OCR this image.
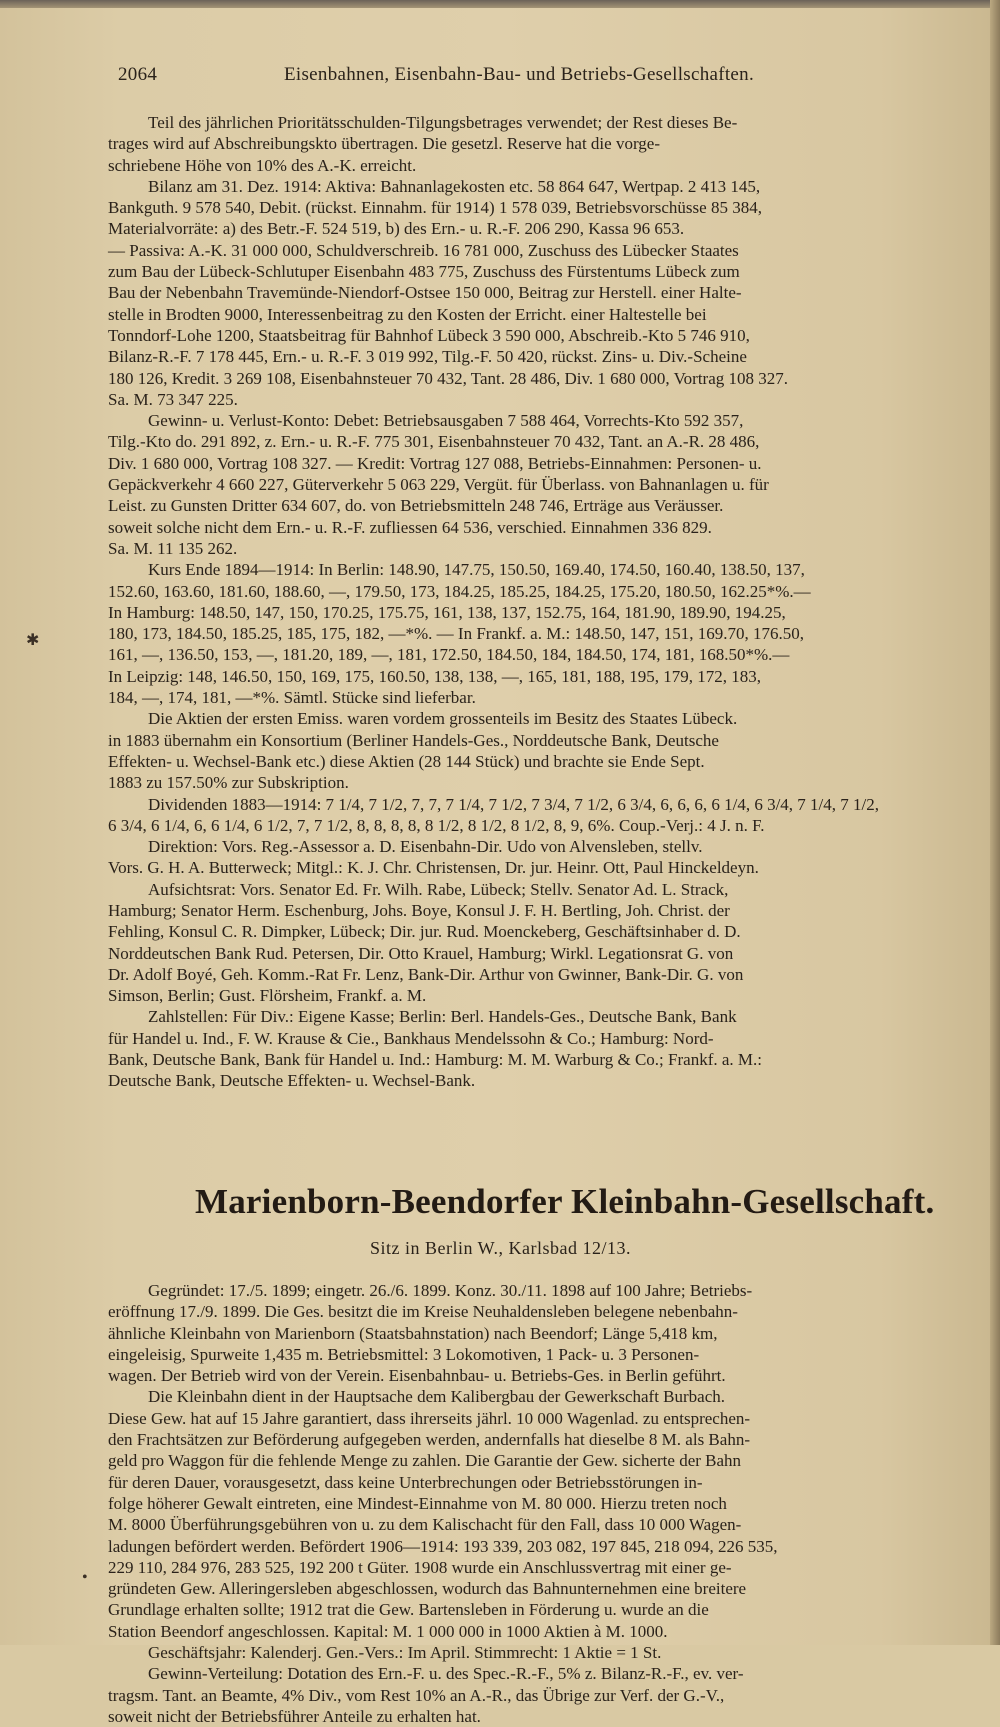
2064	Eisenbahnen, Eisenbahn-Bau- und Betriebs-Gesellschaften.
Teil des jährlichen Prioritätsschulden-Tilgungsbetrages verwendet; der Rest dieses Be-
trages wird auf Abschreibungskto übertragen. Die gesetzl. Reserve hat die vorge-
schriebene Höhe von 10% des A.-K. erreicht.
Bilanz am 31. Dez. 1914: Aktiva: Bahnanlagekosten etc. 58 864 647, Wertpap. 2 413 145,
Bankguth. 9 578 540, Debit. (rückst. Einnahm. für 1914) 1 578 039, Betriebsvorschüsse 85 384,
Materialvorräte: a) des Betr.-F. 524 519, b) des Ern.- u. R.-F. 206 290, Kassa 96 653.
— Passiva: A.-K. 31 000 000, Schuldverschreib. 16 781 000, Zuschuss des Lübecker Staates
zum Bau der Lübeck-Schlutuper Eisenbahn 483 775, Zuschuss des Fürstentums Lübeck zum
Bau der Nebenbahn Travemünde-Niendorf-Ostsee 150 000, Beitrag zur Herstell. einer Halte-
stelle in Brodten 9000, Interessenbeitrag zu den Kosten der Erricht. einer Haltestelle bei
Tonndorf-Lohe 1200, Staatsbeitrag für Bahnhof Lübeck 3 590 000, Abschreib.-Kto 5 746 910,
Bilanz-R.-F. 7 178 445, Ern.- u. R.-F. 3 019 992, Tilg.-F. 50 420, rückst. Zins- u. Div.-Scheine
180 126, Kredit. 3 269 108, Eisenbahnsteuer 70 432, Tant. 28 486, Div. 1 680 000, Vortrag 108 327.
Sa. M. 73 347 225.
Gewinn- u. Verlust-Konto: Debet: Betriebsausgaben 7 588 464, Vorrechts-Kto 592 357,
Tilg.-Kto do. 291 892, z. Ern.- u. R.-F. 775 301, Eisenbahnsteuer 70 432, Tant. an A.-R. 28 486,
Div. 1 680 000, Vortrag 108 327. — Kredit: Vortrag 127 088, Betriebs-Einnahmen: Personen- u.
Gepäckverkehr 4 660 227, Güterverkehr 5 063 229, Vergüt. für Überlass. von Bahnanlagen u. für
Leist. zu Gunsten Dritter 634 607, do. von Betriebsmitteln 248 746, Erträge aus Veräusser.
soweit solche nicht dem Ern.- u. R.-F. zufliessen 64 536, verschied. Einnahmen 336 829.
Sa. M. 11 135 262.
Kurs Ende 1894—1914: In Berlin: 148.90, 147.75, 150.50, 169.40, 174.50, 160.40, 138.50, 137,
152.60, 163.60, 181.60, 188.60, —, 179.50, 173, 184.25, 185.25, 184.25, 175.20, 180.50, 162.25*%.—
In Hamburg: 148.50, 147, 150, 170.25, 175.75, 161, 138, 137, 152.75, 164, 181.90, 189.90, 194.25,
180, 173, 184.50, 185.25, 185, 175, 182, —*%. — In Frankf. a. M.: 148.50, 147, 151, 169.70, 176.50,
161, —, 136.50, 153, —, 181.20, 189, —, 181, 172.50, 184.50, 184, 184.50, 174, 181, 168.50*%.—
In Leipzig: 148, 146.50, 150, 169, 175, 160.50, 138, 138, —, 165, 181, 188, 195, 179, 172, 183,
184, —, 174, 181, —*%. Sämtl. Stücke sind lieferbar.
Die Aktien der ersten Emiss. waren vordem grossenteils im Besitz des Staates Lübeck.
in 1883 übernahm ein Konsortium (Berliner Handels-Ges., Norddeutsche Bank, Deutsche
Effekten- u. Wechsel-Bank etc.) diese Aktien (28 144 Stück) und brachte sie Ende Sept.
1883 zu 157.50% zur Subskription.
Dividenden 1883—1914: 7 1/4, 7 1/2, 7, 7, 7 1/4, 7 1/2, 7 3/4, 7 1/2, 6 3/4, 6, 6, 6, 6 1/4, 6 3/4, 7 1/4, 7 1/2,
6 3/4, 6 1/4, 6, 6 1/4, 6 1/2, 7, 7 1/2, 8, 8, 8, 8, 8 1/2, 8 1/2, 8 1/2, 8, 9, 6%. Coup.-Verj.: 4 J. n. F.
Direktion: Vors. Reg.-Assessor a. D. Eisenbahn-Dir. Udo von Alvensleben, stellv.
Vors. G. H. A. Butterweck; Mitgl.: K. J. Chr. Christensen, Dr. jur. Heinr. Ott, Paul Hinckeldeyn.
Aufsichtsrat: Vors. Senator Ed. Fr. Wilh. Rabe, Lübeck; Stellv. Senator Ad. L. Strack,
Hamburg; Senator Herm. Eschenburg, Johs. Boye, Konsul J. F. H. Bertling, Joh. Christ. der
Fehling, Konsul C. R. Dimpker, Lübeck; Dir. jur. Rud. Moenckeberg, Geschäftsinhaber d. D.
Norddeutschen Bank Rud. Petersen, Dir. Otto Krauel, Hamburg; Wirkl. Legationsrat G. von
Dr. Adolf Boyé, Geh. Komm.-Rat Fr. Lenz, Bank-Dir. Arthur von Gwinner, Bank-Dir. G. von
Simson, Berlin; Gust. Flörsheim, Frankf. a. M.
Zahlstellen: Für Div.: Eigene Kasse; Berlin: Berl. Handels-Ges., Deutsche Bank, Bank
für Handel u. Ind., F. W. Krause & Cie., Bankhaus Mendelssohn & Co.; Hamburg: Nord-
Bank, Deutsche Bank, Bank für Handel u. Ind.: Hamburg: M. M. Warburg & Co.; Frankf. a. M.:
Deutsche Bank, Deutsche Effekten- u. Wechsel-Bank.
Marienborn-Beendorfer Kleinbahn-Gesellschaft.
Sitz in Berlin W., Karlsbad 12/13.
Gegründet: 17./5. 1899; eingetr. 26./6. 1899. Konz. 30./11. 1898 auf 100 Jahre; Betriebs-
eröffnung 17./9. 1899. Die Ges. besitzt die im Kreise Neuhaldensleben belegene nebenbahn-
ähnliche Kleinbahn von Marienborn (Staatsbahnstation) nach Beendorf; Länge 5,418 km,
eingeleisig, Spurweite 1,435 m. Betriebsmittel: 3 Lokomotiven, 1 Pack- u. 3 Personen-
wagen. Der Betrieb wird von der Verein. Eisenbahnbau- u. Betriebs-Ges. in Berlin geführt.
Die Kleinbahn dient in der Hauptsache dem Kalibergbau der Gewerkschaft Burbach.
Diese Gew. hat auf 15 Jahre garantiert, dass ihrerseits jährl. 10 000 Wagenlad. zu entsprechen-
den Frachtsätzen zur Beförderung aufgegeben werden, andernfalls hat dieselbe 8 M. als Bahn-
geld pro Waggon für die fehlende Menge zu zahlen. Die Garantie der Gew. sicherte der Bahn
für deren Dauer, vorausgesetzt, dass keine Unterbrechungen oder Betriebsstörungen in-
folge höherer Gewalt eintreten, eine Mindest-Einnahme von M. 80 000. Hierzu treten noch
M. 8000 Überführungsgebühren von u. zu dem Kalischacht für den Fall, dass 10 000 Wagen-
ladungen befördert werden. Befördert 1906—1914: 193 339, 203 082, 197 845, 218 094, 226 535,
229 110, 284 976, 283 525, 192 200 t Güter. 1908 wurde ein Anschlussvertrag mit einer ge-
gründeten Gew. Alleringersleben abgeschlossen, wodurch das Bahnunternehmen eine breitere
Grundlage erhalten sollte; 1912 trat die Gew. Bartensleben in Förderung u. wurde an die
Station Beendorf angeschlossen. Kapital: M. 1 000 000 in 1000 Aktien à M. 1000.
Geschäftsjahr: Kalenderj. Gen.-Vers.: Im April. Stimmrecht: 1 Aktie = 1 St.
Gewinn-Verteilung: Dotation des Ern.-F. u. des Spec.-R.-F., 5% z. Bilanz-R.-F., ev. ver-
tragsm. Tant. an Beamte, 4% Div., vom Rest 10% an A.-R., das Übrige zur Verf. der G.-V.,
soweit nicht der Betriebsführer Anteile zu erhalten hat.
✱
•
